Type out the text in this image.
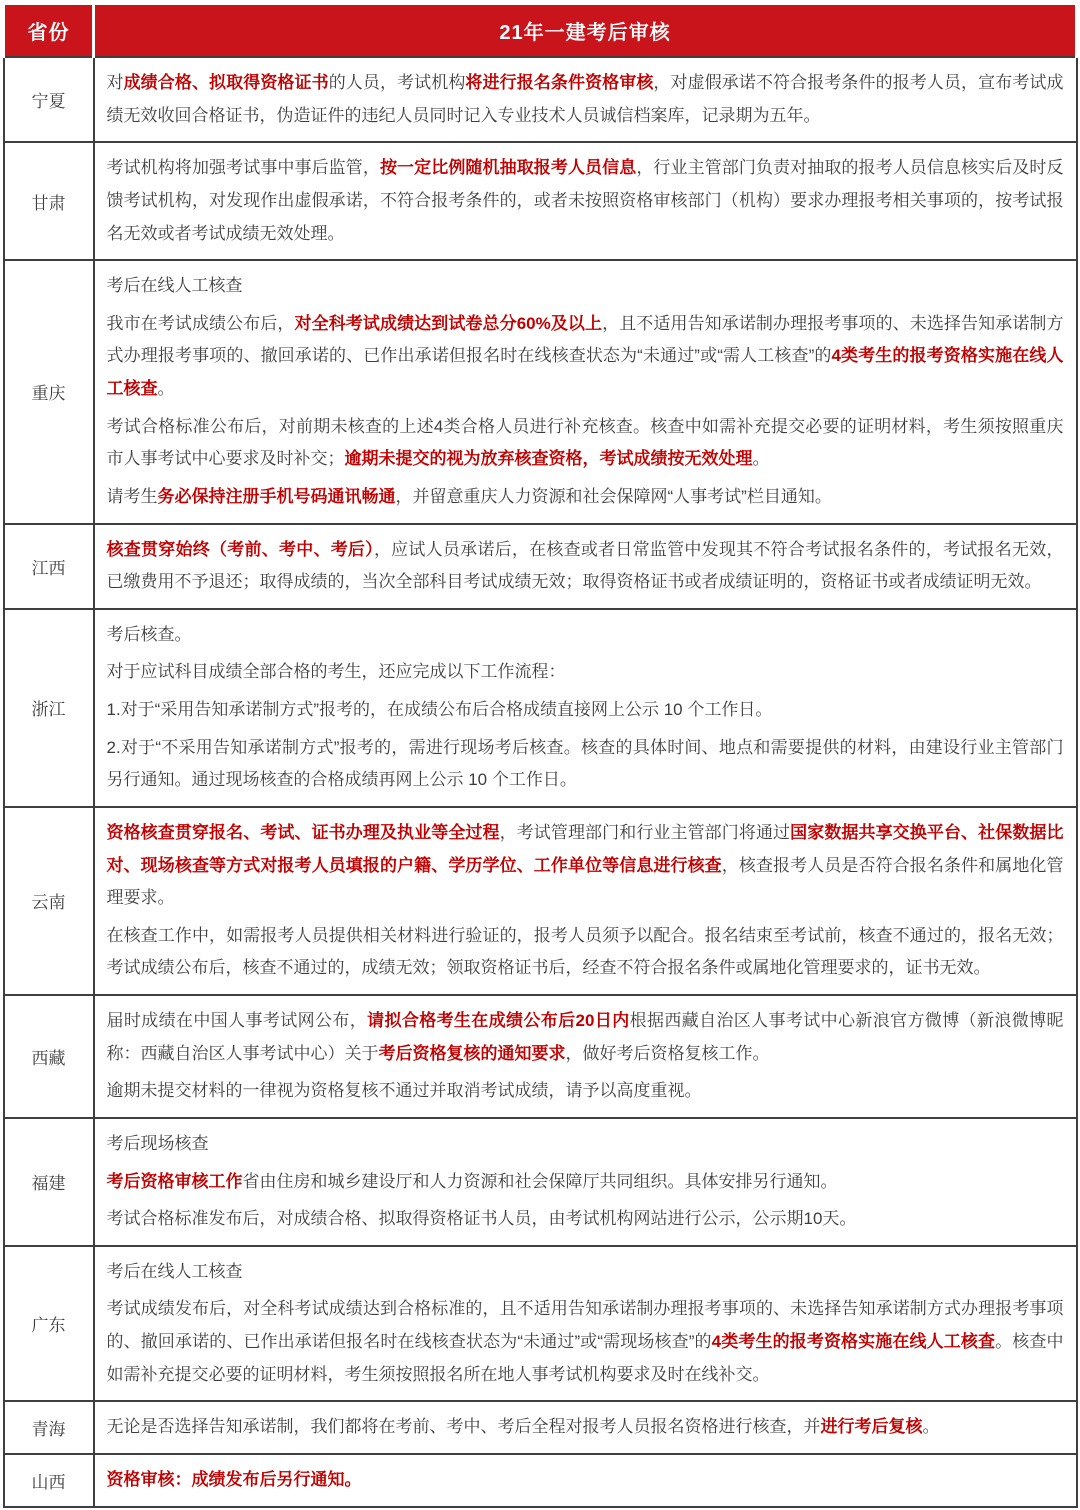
省份	21年一建考后审核
宁夏	对成绩合格、拟取得资格证书的人员，考试机构将进行报名条件资格审核，对虚假承诺不符合报考条件的报考人员，宣布考试成绩无效收回合格证书，伪造证件的违纪人员同时记入专业技术人员诚信档案库，记录期为五年。

甘肃	考试机构将加强考试事中事后监管，按一定比例随机抽取报考人员信息，行业主管部门负责对抽取的报考人员信息核实后及时反馈考试机构，对发现作出虚假承诺，不符合报考条件的，或者未按照资格审核部门（机构）要求办理报考相关事项的，按考试报名无效或者考试成绩无效处理。

重庆	考后在线人工核查

我市在考试成绩公布后，对全科考试成绩达到试卷总分60%及以上，且不适用告知承诺制办理报考事项的、未选择告知承诺制方式办理报考事项的、撤回承诺的、已作出承诺但报名时在线核查状态为“未通过”或“需人工核查”的4类考生的报考资格实施在线人工核查。

考试合格标准公布后，对前期未核查的上述4类合格人员进行补充核查。核查中如需补充提交必要的证明材料，考生须按照重庆市人事考试中心要求及时补交；逾期未提交的视为放弃核查资格，考试成绩按无效处理。

请考生务必保持注册手机号码通讯畅通，并留意重庆人力资源和社会保障网“人事考试”栏目通知。

江西	核查贯穿始终（考前、考中、考后），应试人员承诺后，在核查或者日常监管中发现其不符合考试报名条件的，考试报名无效，已缴费用不予退还；取得成绩的，当次全部科目考试成绩无效；取得资格证书或者成绩证明的，资格证书或者成绩证明无效。

浙江	考后核查。

对于应试科目成绩全部合格的考生，还应完成以下工作流程：

1.对于“采用告知承诺制方式”报考的，在成绩公布后合格成绩直接网上公示 10 个工作日。

2.对于“不采用告知承诺制方式”报考的，需进行现场考后核查。核查的具体时间、地点和需要提供的材料，由建设行业主管部门另行通知。通过现场核查的合格成绩再网上公示 10 个工作日。

云南	资格核查贯穿报名、考试、证书办理及执业等全过程，考试管理部门和行业主管部门将通过国家数据共享交换平台、社保数据比对、现场核查等方式对报考人员填报的户籍、学历学位、工作单位等信息进行核查，核查报考人员是否符合报名条件和属地化管理要求。

在核查工作中，如需报考人员提供相关材料进行验证的，报考人员须予以配合。报名结束至考试前，核查不通过的，报名无效；考试成绩公布后，核查不通过的，成绩无效；领取资格证书后，经查不符合报名条件或属地化管理要求的，证书无效。

西藏	届时成绩在中国人事考试网公布，请拟合格考生在成绩公布后20日内根据西藏自治区人事考试中心新浪官方微博（新浪微博昵称：西藏自治区人事考试中心）关于考后资格复核的通知要求，做好考后资格复核工作。

逾期未提交材料的一律视为资格复核不通过并取消考试成绩，请予以高度重视。

福建	考后现场核查

考后资格审核工作省由住房和城乡建设厅和人力资源和社会保障厅共同组织。具体安排另行通知。

考试合格标准发布后，对成绩合格、拟取得资格证书人员，由考试机构网站进行公示，公示期10天。

广东	考后在线人工核查

考试成绩发布后，对全科考试成绩达到合格标准的，且不适用告知承诺制办理报考事项的、未选择告知承诺制方式办理报考事项的、撤回承诺的、已作出承诺但报名时在线核查状态为“未通过”或“需现场核查”的4类考生的报考资格实施在线人工核查。核查中如需补充提交必要的证明材料，考生须按照报名所在地人事考试机构要求及时在线补交。

青海	无论是否选择告知承诺制，我们都将在考前、考中、考后全程对报考人员报名资格进行核查，并进行考后复核。

山西	资格审核：成绩发布后另行通知。
